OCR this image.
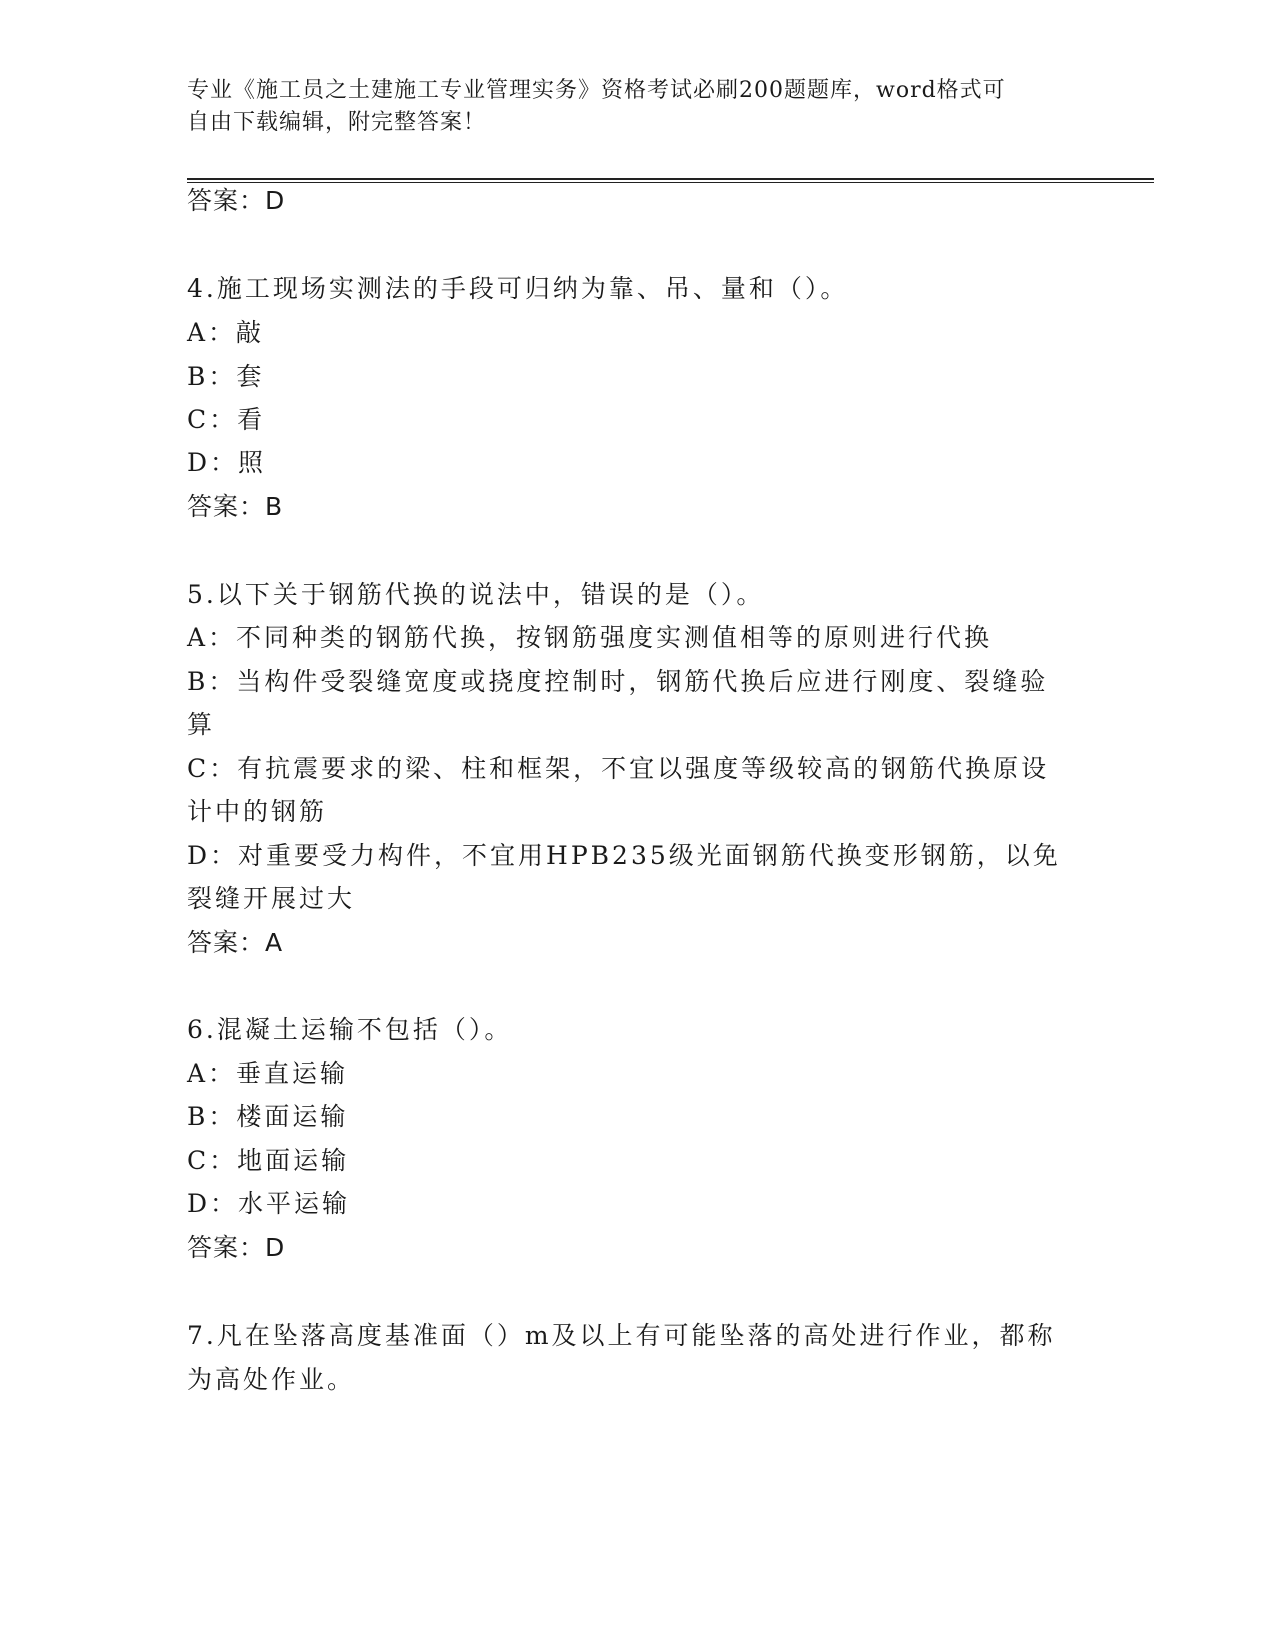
专业《施工员之土建施工专业管理实务》资格考试必刷200题题库，word格式可
自由下载编辑，附完整答案！
答案：D
4.施工现场实测法的手段可归纳为靠、吊、量和（）。
A：敲
B：套
C：看
D：照
答案：B
5.以下关于钢筋代换的说法中，错误的是（）。
A：不同种类的钢筋代换，按钢筋强度实测值相等的原则进行代换
B：当构件受裂缝宽度或挠度控制时，钢筋代换后应进行刚度、裂缝验
算
C：有抗震要求的梁、柱和框架，不宜以强度等级较高的钢筋代换原设
计中的钢筋
D：对重要受力构件，不宜用HPB235级光面钢筋代换变形钢筋，以免
裂缝开展过大
答案：A
6.混凝土运输不包括（）。
A：垂直运输
B：楼面运输
C：地面运输
D：水平运输
答案：D
7.凡在坠落高度基准面（）m及以上有可能坠落的高处进行作业，都称
为高处作业。
